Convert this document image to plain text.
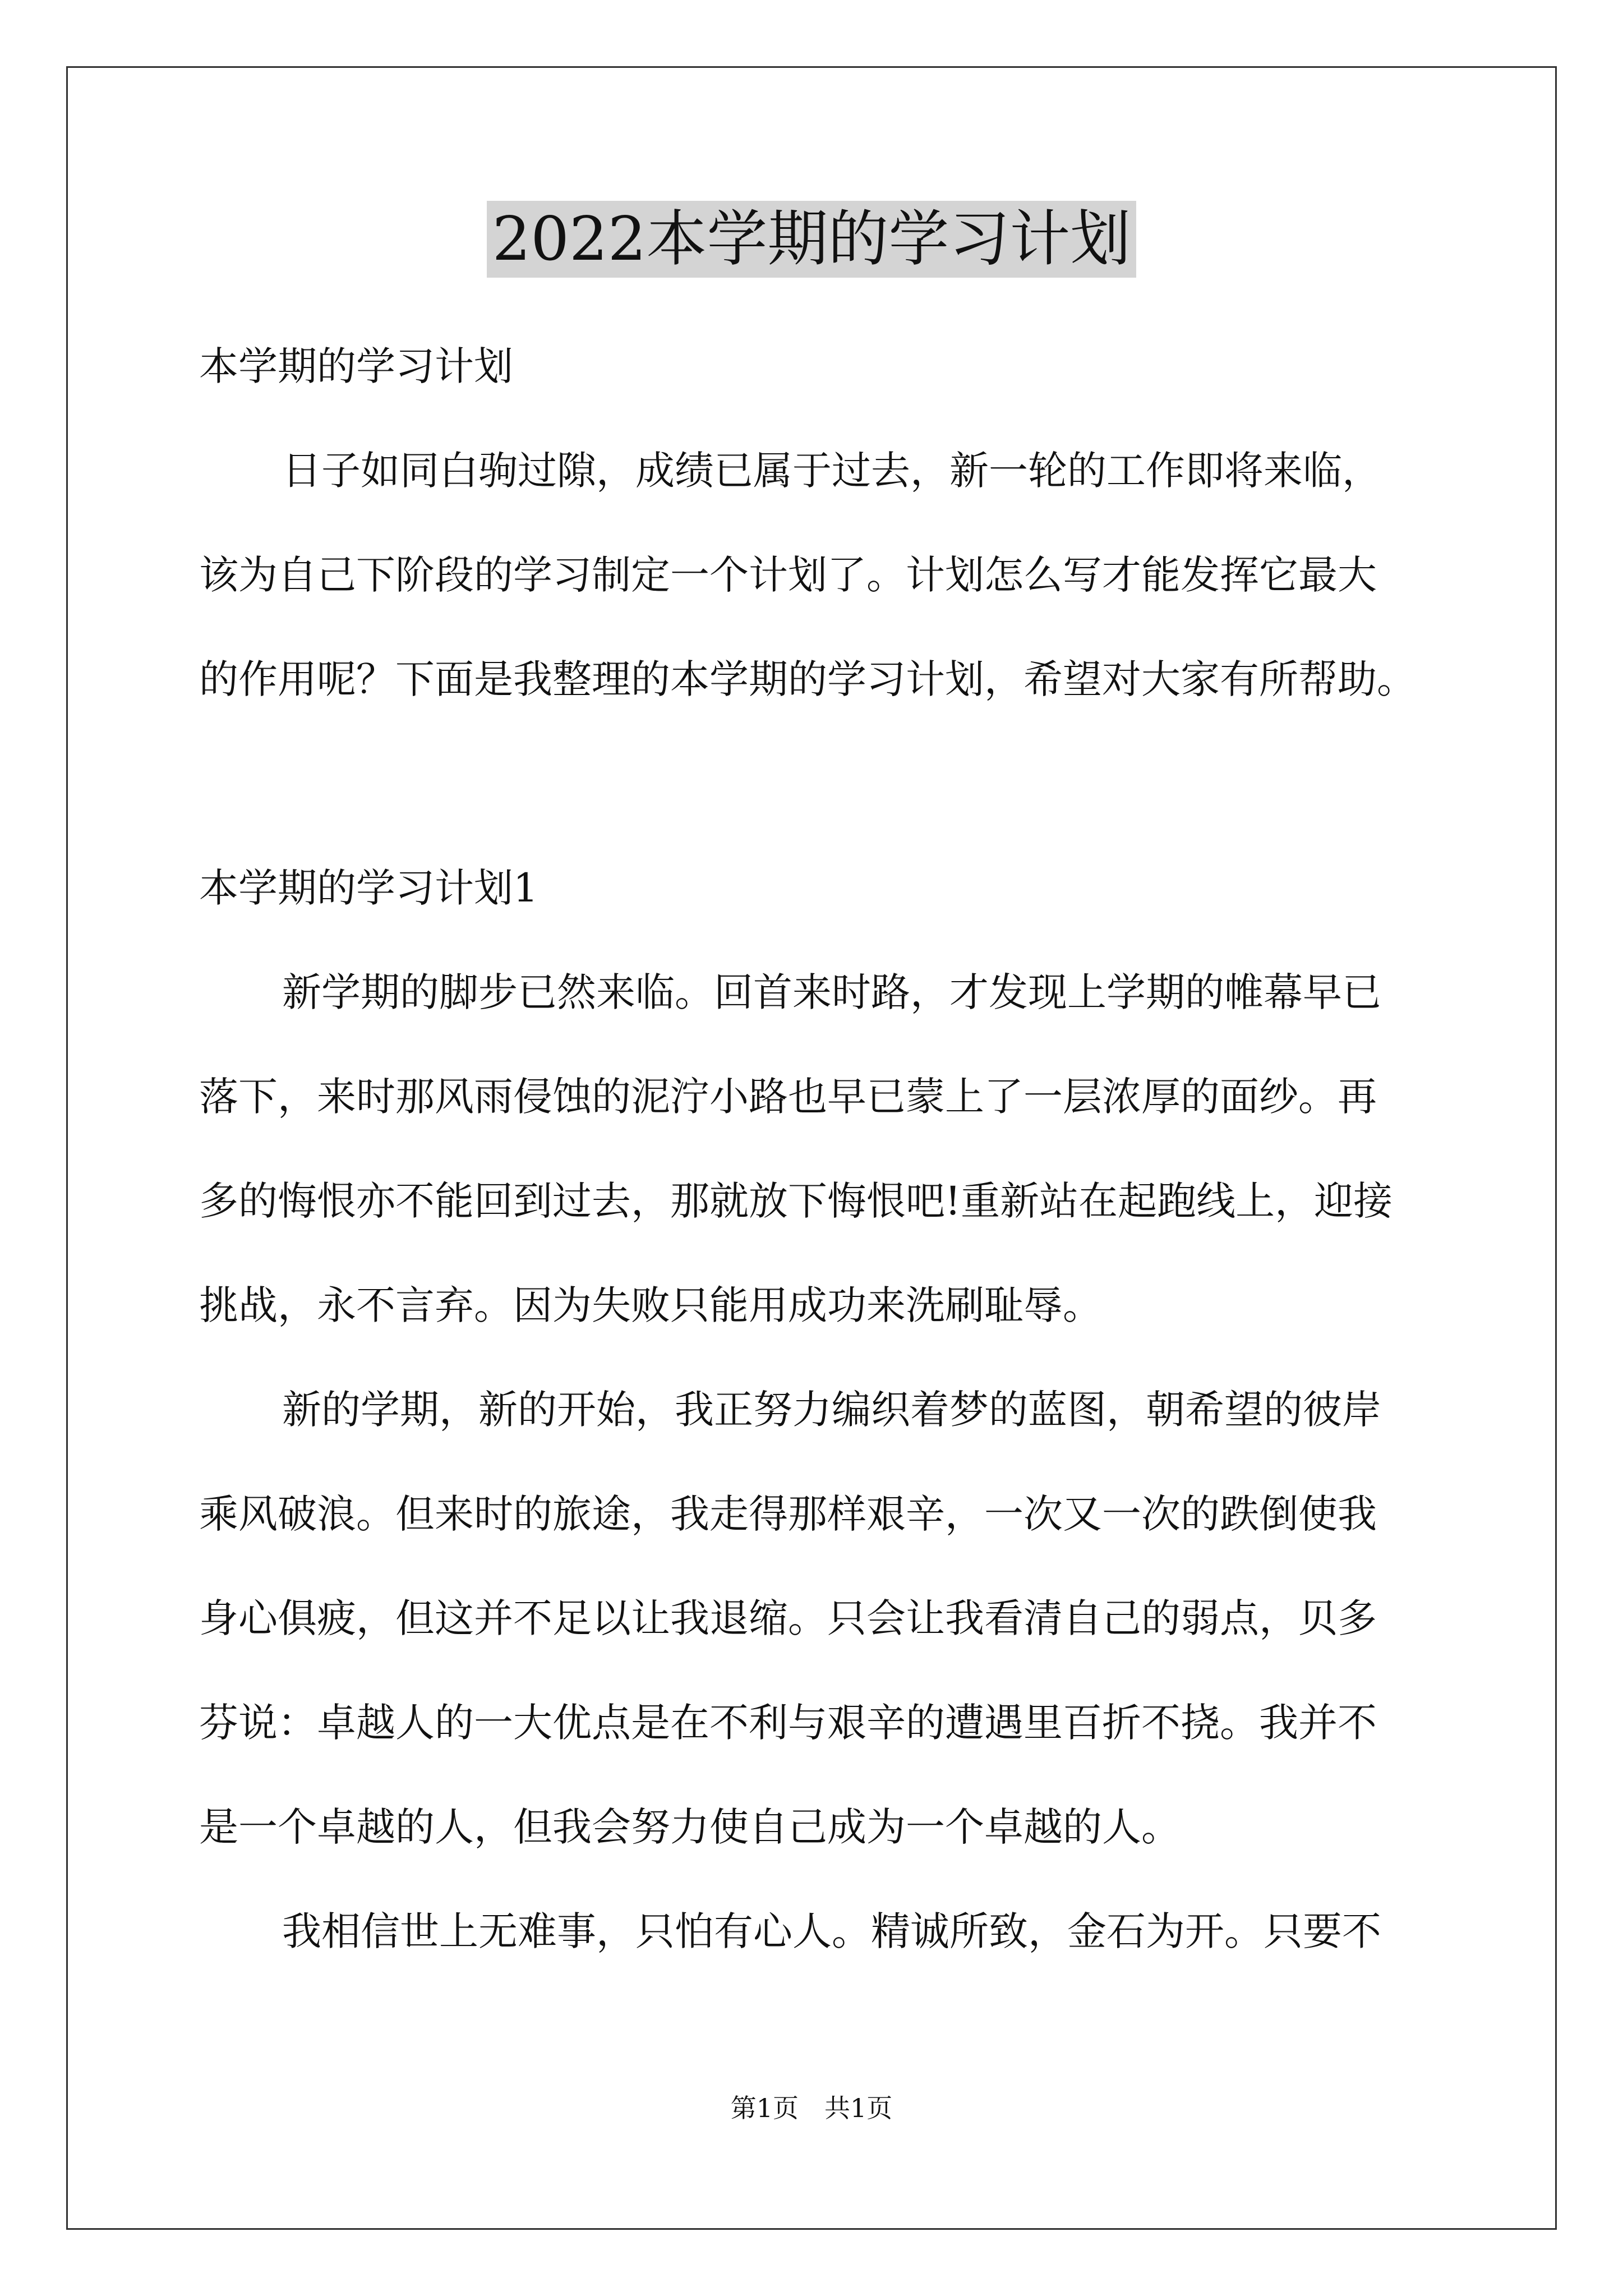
2022本学期的学习计划

本学期的学习计划

日子如同白驹过隙，成绩已属于过去，新一轮的工作即将来临，

该为自己下阶段的学习制定一个计划了。计划怎么写才能发挥它最大

的作用呢？下面是我整理的本学期的学习计划，希望对大家有所帮助。

本学期的学习计划1

新学期的脚步已然来临。回首来时路，才发现上学期的帷幕早已

落下，来时那风雨侵蚀的泥泞小路也早已蒙上了一层浓厚的面纱。再

多的悔恨亦不能回到过去，那就放下悔恨吧!重新站在起跑线上，迎接

挑战，永不言弃。因为失败只能用成功来洗刷耻辱。

新的学期，新的开始，我正努力编织着梦的蓝图，朝希望的彼岸

乘风破浪。但来时的旅途，我走得那样艰辛，一次又一次的跌倒使我

身心俱疲，但这并不足以让我退缩。只会让我看清自己的弱点，贝多

芬说：卓越人的一大优点是在不利与艰辛的遭遇里百折不挠。我并不

是一个卓越的人，但我会努力使自己成为一个卓越的人。

我相信世上无难事，只怕有心人。精诚所致，金石为开。只要不

第1页　共1页
